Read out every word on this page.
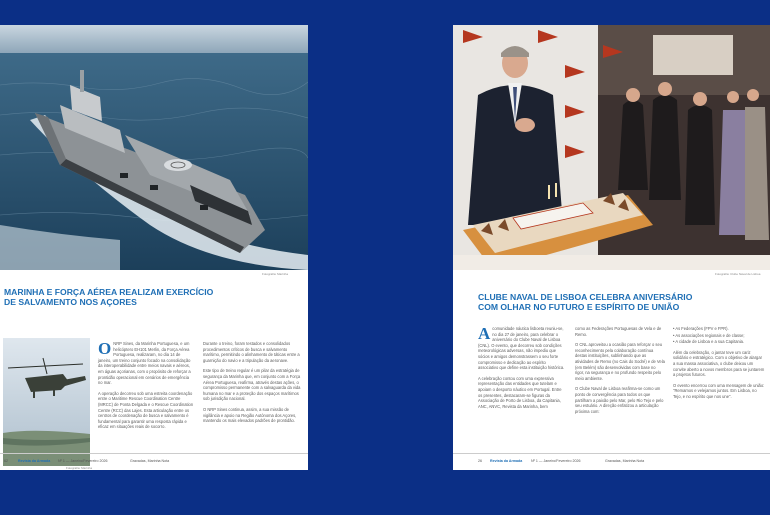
Fotografia: Marinha
MARINHA E FORÇA AÉREA REALIZAM EXERCÍCIO
DE SALVAMENTO NOS AÇORES
Fotografia: Marinha

ONRP Sines, da Marinha Portuguesa, e um helicóptero EH101 Merlin, da Força Aérea Portuguesa, realizaram, no dia 14 de janeiro, um treino conjunto focado na consolidação da interoperabilidade entre meios navais e aéreos, em águas açorianas, com o propósito de reforçar a prontidão operacional em cenários de emergência no mar.

A operação decorreu sob uma estreita coordenação entre o Maritime Rescue Coordination Centre (MRCC) de Ponta Delgada e o Rescue Coordination Centre (RCC) das Lajes. Esta articulação entre os centros de coordenação de busca e salvamento é fundamental para garantir uma resposta rápida e eficaz em situações reais de socorro.

Durante o treino, foram testados e consolidados procedimentos críticos de busca e salvamento marítimo, permitindo o alinhamento de táticas entre a guarnição do navio e a tripulação da aeronave.

Este tipo de treino regular é um pilar da estratégia de segurança da Marinha que, em conjunto com a Força Aérea Portuguesa, reafirma, através destas ações, o compromisso permanente com a salvaguarda da vida humana no mar e a proteção dos espaços marítimos sob jurisdição nacional.

O NRP Sines continua, assim, a sua missão de vigilância e apoio na Região Autónoma dos Açores, mantendo os mais elevados padrões de prontidão.

62	Revista da Armada Nº 1 — Janeiro/Fevereiro 2026	Gravadas, Marinha Nota
Fotografia: Clube Naval de Lisboa
CLUBE NAVAL DE LISBOA CELEBRA ANIVERSÁRIO
COM OLHAR NO FUTURO E ESPÍRITO DE UNIÃO

Acomunidade náutica lisboeta reuniu-se, no dia 27 de janeiro, para celebrar o aniversário do Clube Naval de Lisboa (CNL). O evento, que decorreu sob condições meteorológicas adversas, não impediu que sócios e amigos demonstrassem o seu forte compromisso e dedicação ao espírito associativo que define esta instituição histórica.

A celebração contou com uma expressiva representação das entidades que tutelam e apoiam o desporto náutico em Portugal. Entre os presentes, destacaram-se figuras da Associação de Porto de Lisboa, da Capitania, ANC, ANVC, Revista da Marinha, bem

como as Federações Portuguesas de Vela e de Remo.

O CNL aproveitou a ocasião para reforçar o seu reconhecimento pela colaboração contínua destas instituições, sublinhando que as atividades de Remo (no Cais do Sodré) e de Vela (em Belém) são desenvolvidas com base no rigor, na segurança e no profundo respeito pelo meio ambiente.

O Clube Naval de Lisboa reafirma-se como um ponto de convergência para todos os que partilham a paixão pelo Mar, pelo Rio Tejo e pelo seu estuário. A direção enfatizou a articulação próxima com:

• As Federações (FPV e FPR).

• As associações regionais e de classe;

• A cidade de Lisboa e a sua Capitania.

Além da celebração, o jantar teve um cariz solidário e estratégico. Com o objetivo de alargar a sua massa associativa, o clube deixou um convite aberto a novos membros para se juntarem a projetos futuros.

O evento encerrou com uma mensagem de união: "Remamos e velejamos juntos. Em Lisboa, no Tejo, e no espírito que nos une".

26 Revista da Armada Nº 1 — Janeiro/Fevereiro 2026	Gravadas, Marinha Nota
